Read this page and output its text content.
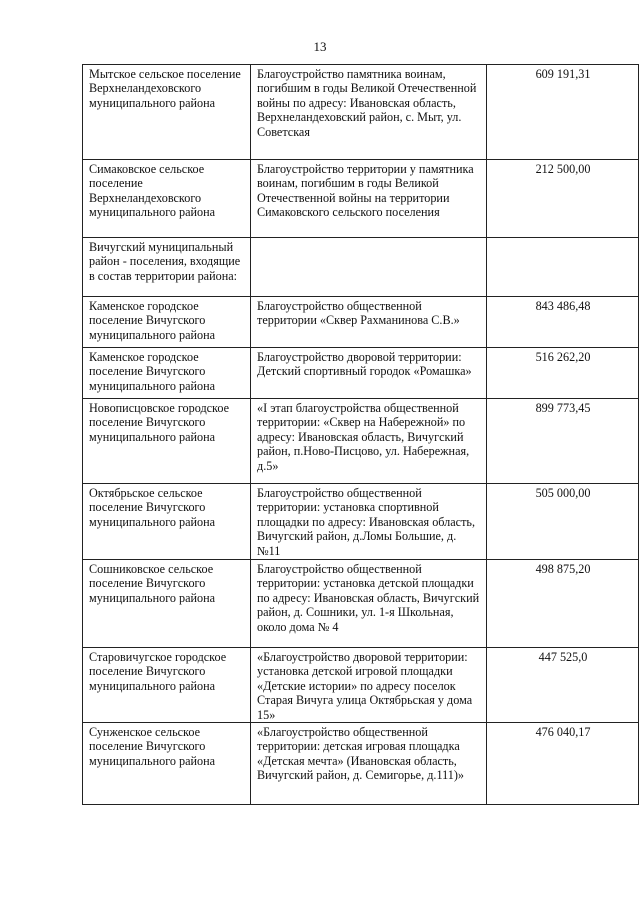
13
Мытское сельское поселение Верхнеландеховского муниципального района	Благоустройство памятника воинам, погибшим в годы Великой Отечественной войны по адресу: Ивановская область, Верхнеландеховский район, с. Мыт, ул. Советская	609 191,31
Симаковское сельское поселение Верхнеландеховского муниципального района	Благоустройство территории у памятника воинам, погибшим в годы Великой Отечественной войны на территории Симаковского сельского поселения	212 500,00
Вичугский муниципальный район - поселения, входящие в состав территории района:		
Каменское городское поселение Вичугского муниципального района	Благоустройство общественной территории «Сквер Рахманинова С.В.»	843 486,48
Каменское городское поселение Вичугского муниципального района	Благоустройство дворовой территории: Детский спортивный городок «Ромашка»	516 262,20
Новописцовское городское поселение Вичугского муниципального района	«I этап благоустройства общественной территории: «Сквер на Набережной» по адресу: Ивановская область, Вичугский район, п.Ново-Писцово, ул. Набережная, д.5»	899 773,45
Октябрьское сельское поселение Вичугского муниципального района	Благоустройство общественной территории: установка спортивной площадки по адресу: Ивановская область, Вичугский район, д.Ломы Большие, д. №11	505 000,00
Сошниковское сельское поселение Вичугского муниципального района	Благоустройство общественной территории: установка детской площадки по адресу: Ивановская область, Вичугский район, д. Сошники, ул. 1-я Школьная, около дома № 4	498 875,20
Старовичугское городское поселение Вичугского муниципального района	«Благоустройство дворовой территории: установка детской игровой площадки «Детские истории» по адресу поселок Старая Вичуга улица Октябрьская у дома 15»	447 525,0
Сунженское сельское поселение Вичугского муниципального района	«Благоустройство общественной территории: детская игровая площадка «Детская мечта» (Ивановская область, Вичугский район, д. Семигорье, д.111)»	476 040,17
